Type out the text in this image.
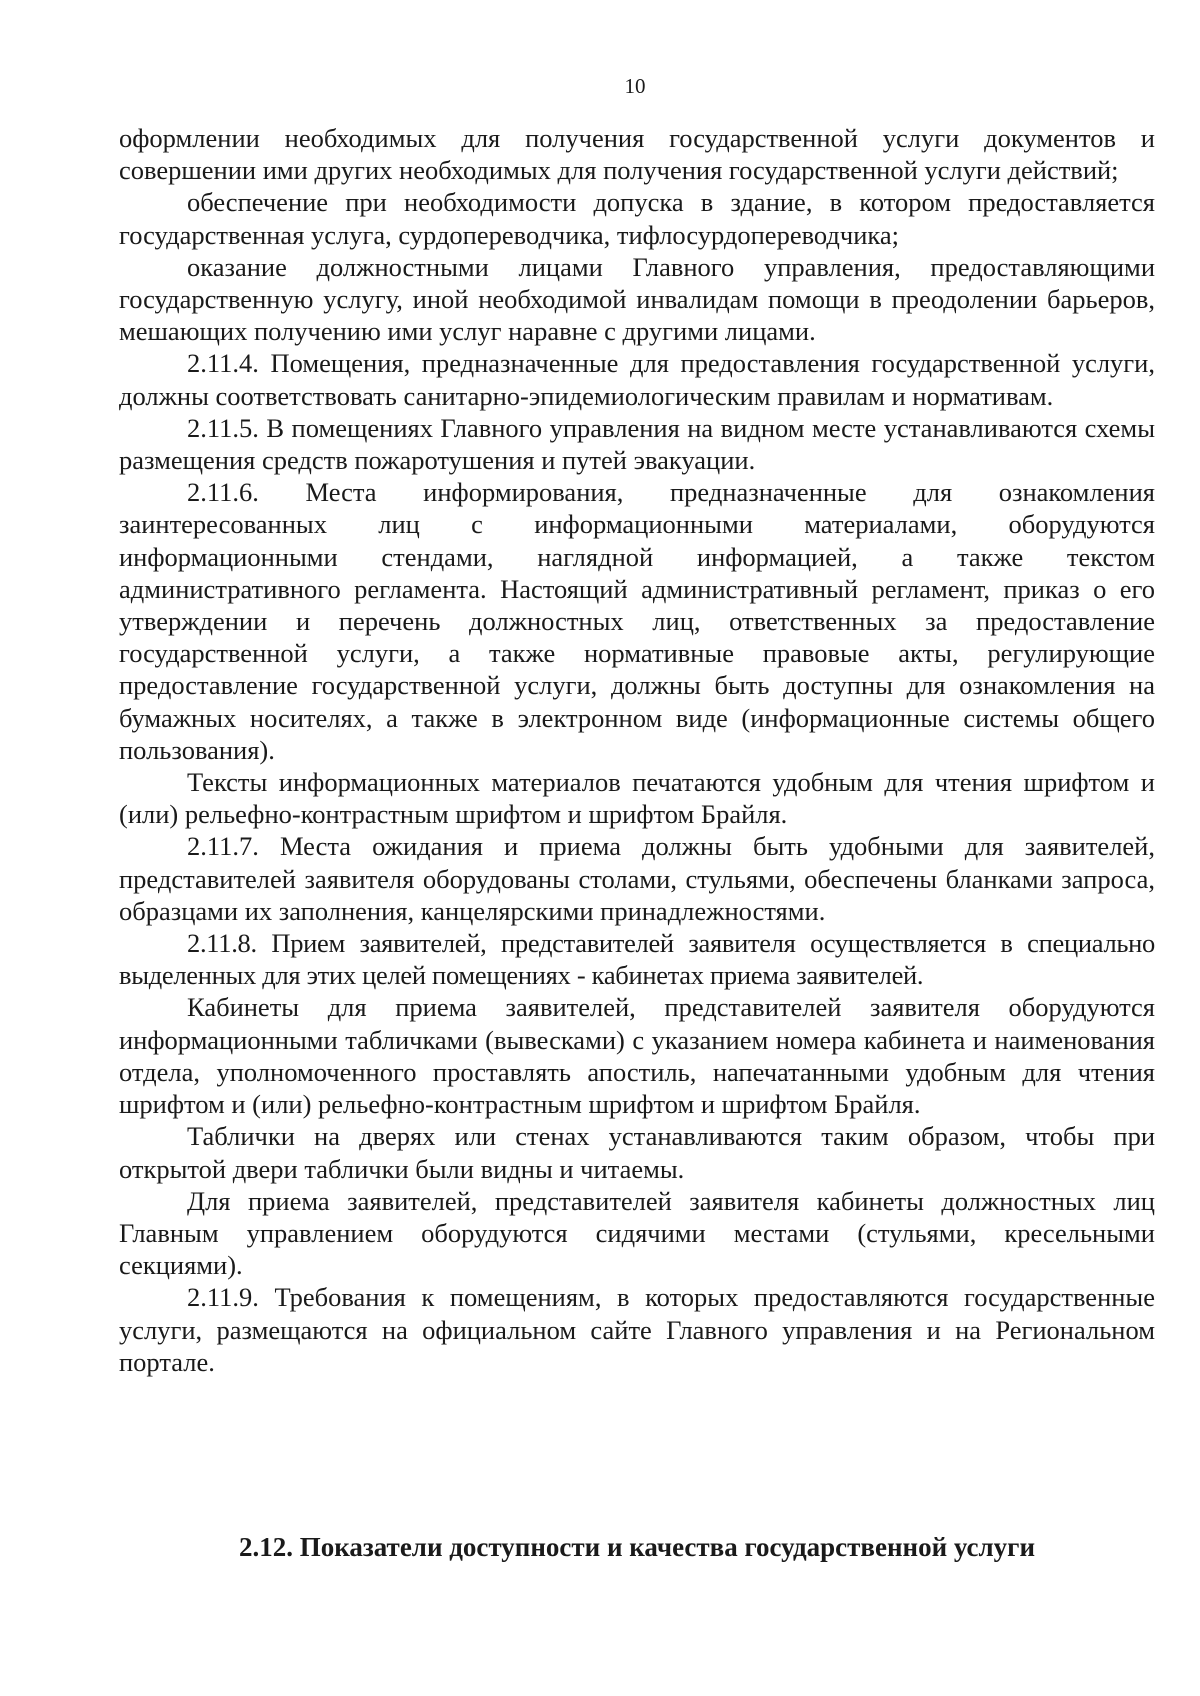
10

оформлении необходимых для получения государственной услуги документов и совершении ими других необходимых для получения государственной услуги действий;

обеспечение при необходимости допуска в здание, в котором предоставляется государственная услуга, сурдопереводчика, тифлосурдопереводчика;

оказание должностными лицами Главного управления, предоставляющими государственную услугу, иной необходимой инвалидам помощи в преодолении барьеров, мешающих получению ими услуг наравне с другими лицами.

2.11.4. Помещения, предназначенные для предоставления государственной услуги, должны соответствовать санитарно-эпидемиологическим правилам и нормативам.

2.11.5. В помещениях Главного управления на видном месте устанавливаются схемы размещения средств пожаротушения и путей эвакуации.

2.11.6. Места информирования, предназначенные для ознакомления заинтересованных лиц с информационными материалами, оборудуются информационными стендами, наглядной информацией, а также текстом административного регламента. Настоящий административный регламент, приказ о его утверждении и перечень должностных лиц, ответственных за предоставление государственной услуги, а также нормативные правовые акты, регулирующие предоставление государственной услуги, должны быть доступны для ознакомления на бумажных носителях, а также в электронном виде (информационные системы общего пользования).

Тексты информационных материалов печатаются удобным для чтения шрифтом и (или) рельефно-контрастным шрифтом и шрифтом Брайля.

2.11.7. Места ожидания и приема должны быть удобными для заявителей, представителей заявителя оборудованы столами, стульями, обеспечены бланками запроса, образцами их заполнения, канцелярскими принадлежностями.

2.11.8. Прием заявителей, представителей заявителя осуществляется в специально выделенных для этих целей помещениях - кабинетах приема заявителей.

Кабинеты для приема заявителей, представителей заявителя оборудуются информационными табличками (вывесками) с указанием номера кабинета и наименования отдела, уполномоченного проставлять апостиль, напечатанными удобным для чтения шрифтом и (или) рельефно-контрастным шрифтом и шрифтом Брайля.

Таблички на дверях или стенах устанавливаются таким образом, чтобы при открытой двери таблички были видны и читаемы.

Для приема заявителей, представителей заявителя кабинеты должностных лиц Главным управлением оборудуются сидячими местами (стульями, кресельными секциями).

2.11.9. Требования к помещениям, в которых предоставляются государственные услуги, размещаются на официальном сайте Главного управления и на Региональном портале.

2.12. Показатели доступности и качества государственной услуги
